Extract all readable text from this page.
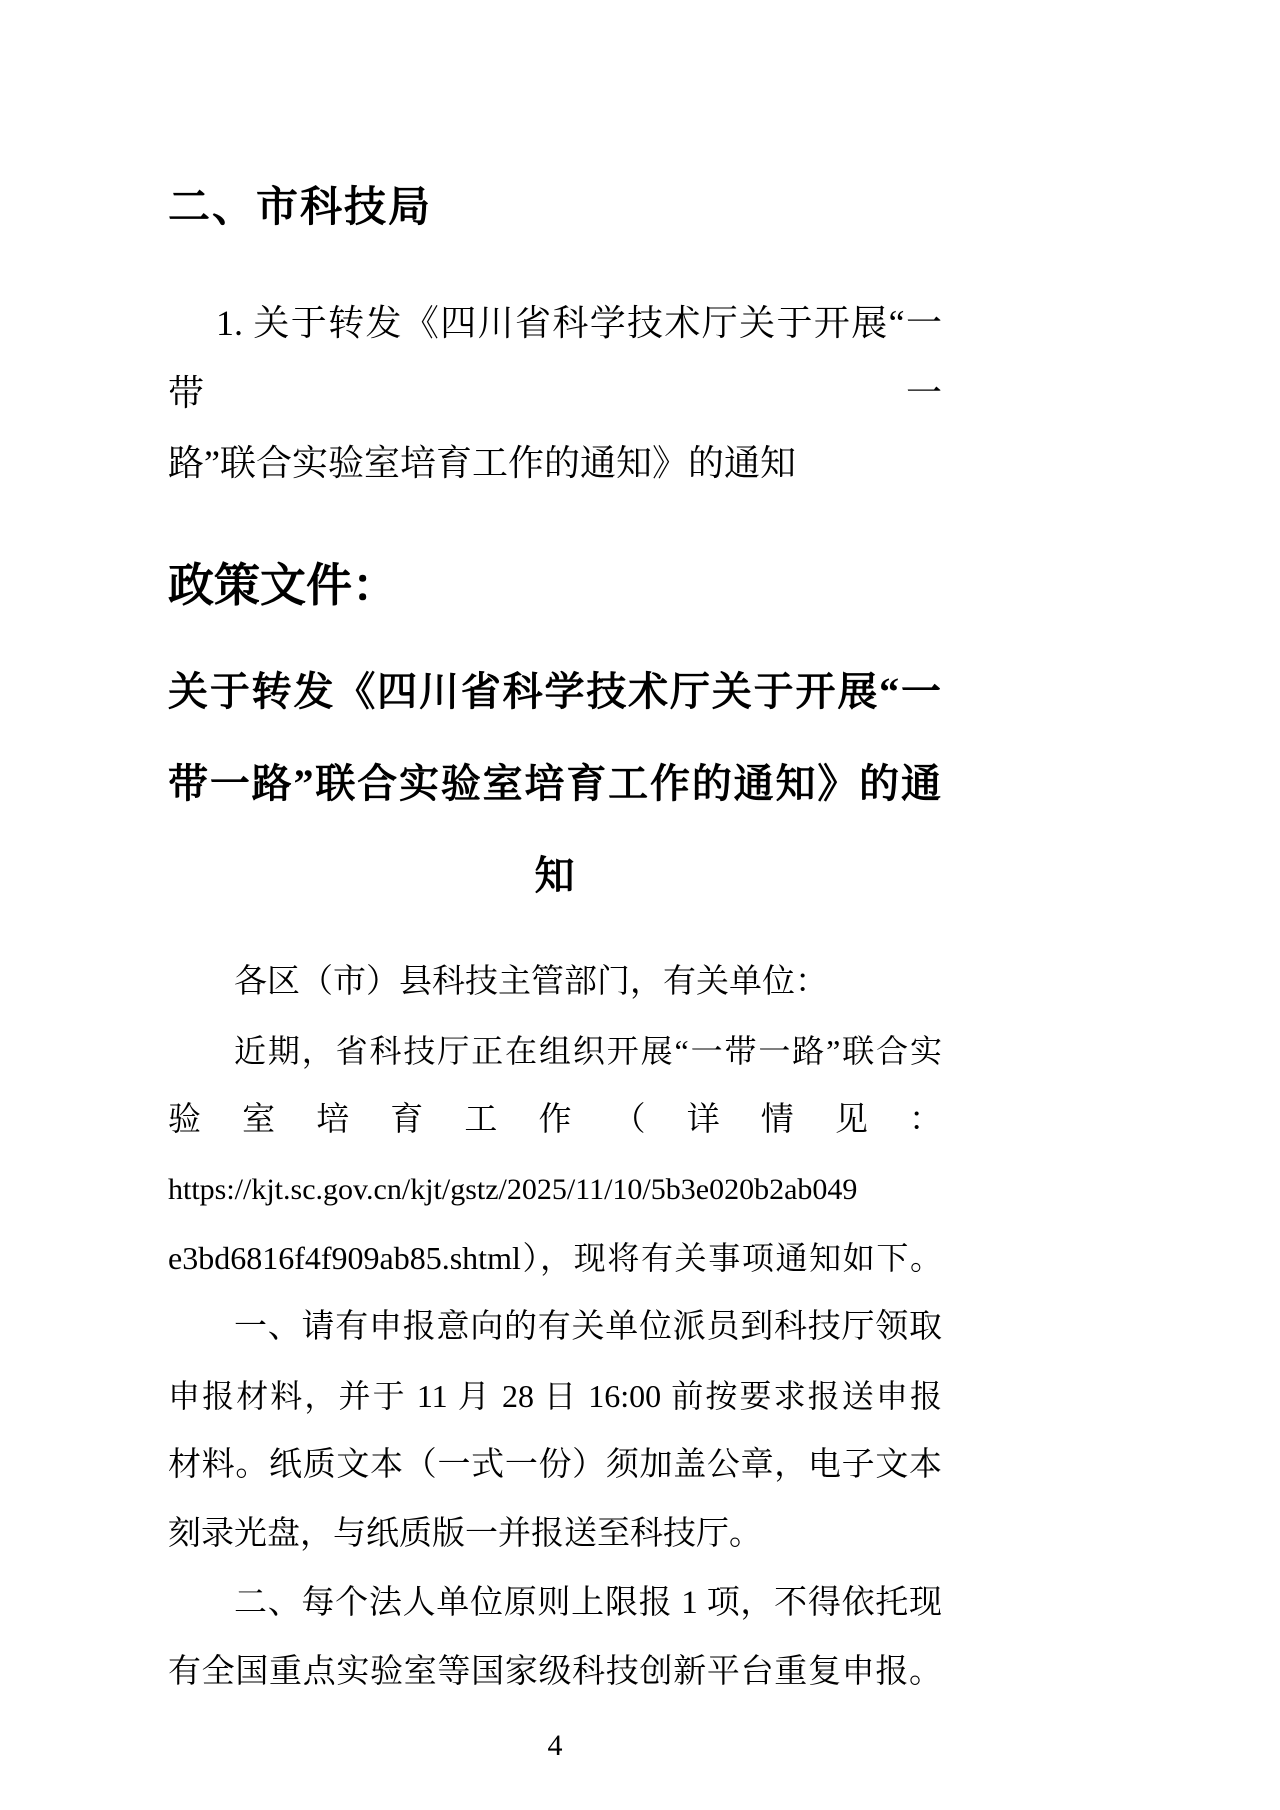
二、市科技局
1. 关于转发《四川省科学技术厅关于开展“一带一
路”联合实验室培育工作的通知》的通知
政策文件：
关于转发《四川省科学技术厅关于开展“一
带一路”联合实验室培育工作的通知》的通
知
各区（市）县科技主管部门，有关单位：
近期，省科技厅正在组织开展“一带一路”联合实
验室培育工作（详情见：
https://kjt.sc.gov.cn/kjt/gstz/2025/11/10/5b3e020b2ab049
e3bd6816f4f909ab85.shtml），现将有关事项通知如下。
一、请有申报意向的有关单位派员到科技厅领取
申报材料，并于 11 月 28 日 16:00 前按要求报送申报
材料。纸质文本（一式一份）须加盖公章，电子文本
刻录光盘，与纸质版一并报送至科技厅。
二、每个法人单位原则上限报 1 项，不得依托现
有全国重点实验室等国家级科技创新平台重复申报。
4
